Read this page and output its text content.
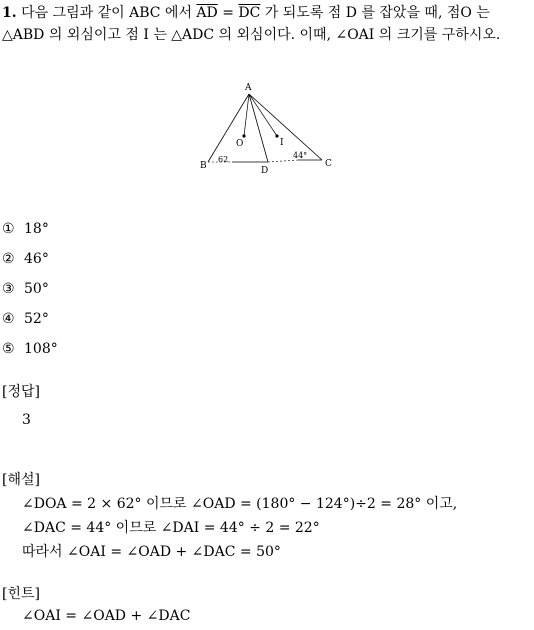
1. 다음 그림과 같이 ABC 에서 $\overline{AD} = \overline{DC}$ 가 되도록 점 D 를 잡았을 때, 점O 는 △ABD 의 외심이고 점 I 는 △ADC 의 외심이다. 이때, ∠OAI 의 크기를 구하시오.
A
B	C
D
O	I
62	44°
① 18°
② 46°
③ 50°
④ 52°
⑤ 108°
[정답]
3
[해설]
∠DOA = 2 × 62° 이므로 ∠OAD = (180° − 124°)÷2 = 28° 이고,
∠DAC = 44° 이므로 ∠DAI = 44° ÷ 2 = 22°
따라서 ∠OAI = ∠OAD + ∠DAC = 50°
[힌트]
∠OAI = ∠OAD + ∠DAC
